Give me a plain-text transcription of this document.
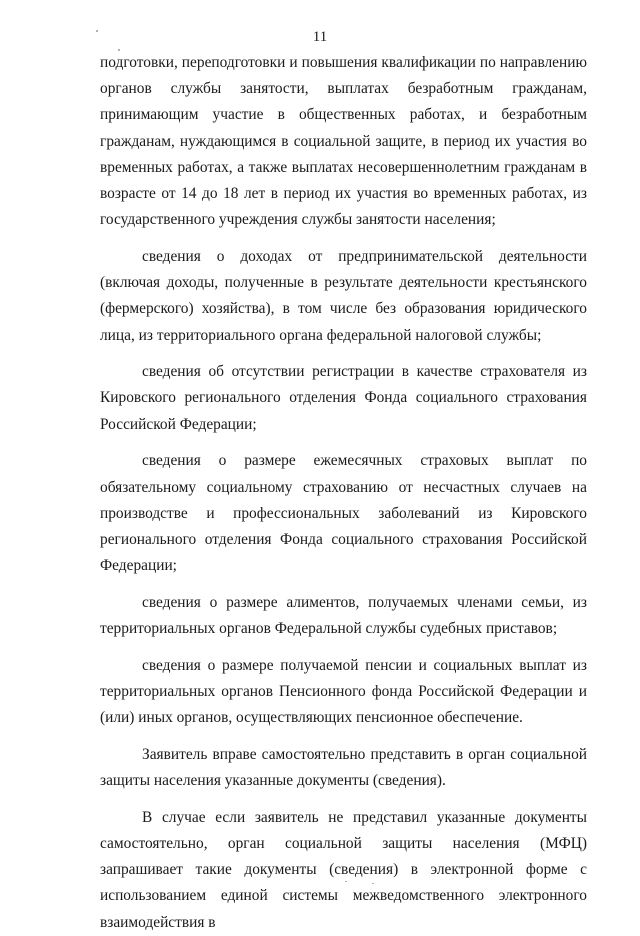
11

подготовки, переподготовки и повышения квалификации по направлению органов службы занятости, выплатах безработным гражданам, принимающим участие в общественных работах, и безработным гражданам, нуждающимся в социальной защите, в период их участия во временных работах, а также выплатах несовершеннолетним гражданам в возрасте от 14 до 18 лет в период их участия во временных работах, из государственного учреждения службы занятости населения;

сведения о доходах от предпринимательской деятельности (включая доходы, полученные в результате деятельности крестьянского (фермерского) хозяйства), в том числе без образования юридического лица, из территориального органа федеральной налоговой службы;

сведения об отсутствии регистрации в качестве страхователя из Кировского регионального отделения Фонда социального страхования Российской Федерации;

сведения о размере ежемесячных страховых выплат по обязательному социальному страхованию от несчастных случаев на производстве и профессиональных заболеваний из Кировского регионального отделения Фонда социального страхования Российской Федерации;

сведения о размере алиментов, получаемых членами семьи, из территориальных органов Федеральной службы судебных приставов;

сведения о размере получаемой пенсии и социальных выплат из территориальных органов Пенсионного фонда Российской Федерации и (или) иных органов, осуществляющих пенсионное обеспечение.

Заявитель вправе самостоятельно представить в орган социальной защиты населения указанные документы (сведения).

В случае если заявитель не представил указанные документы самостоятельно, орган социальной защиты населения (МФЦ) запрашивает такие документы (сведения) в электронной форме с использованием единой системы межведомственного электронного взаимодействия в
